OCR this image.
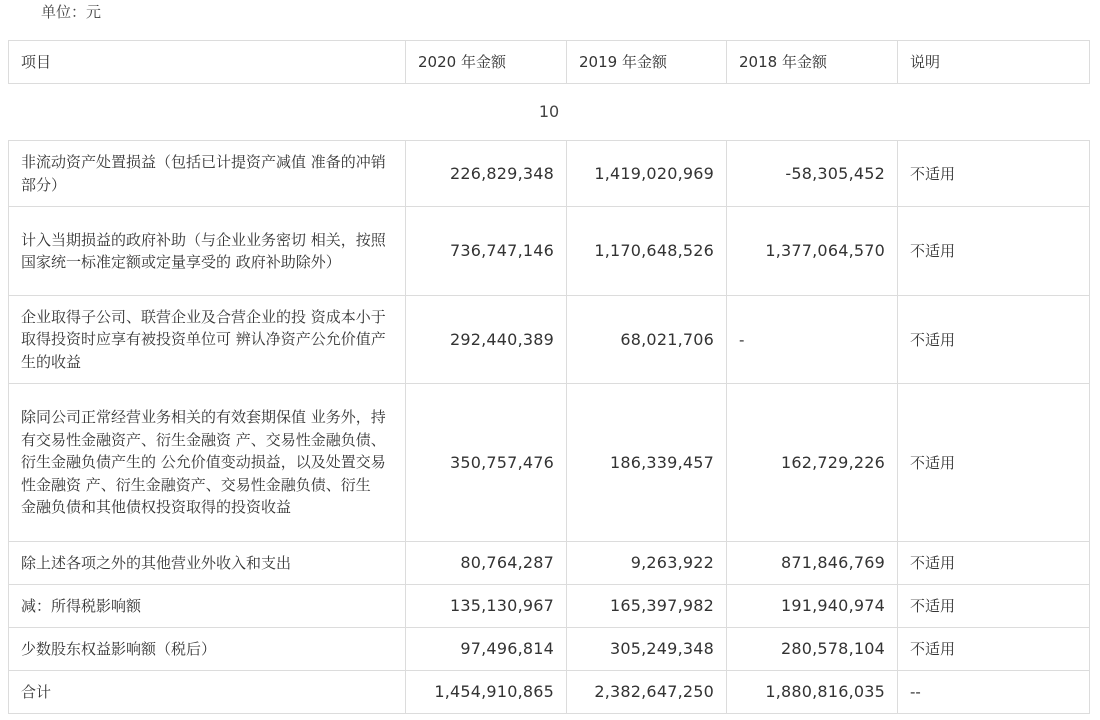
单位：元
项目	2020 年金额	2019 年金额	2018 年金额	说明
10				
非流动资产处置损益（包括已计提资产减值 准备的冲销部分）	226,829,348	1,419,020,969	-58,305,452	不适用
计入当期损益的政府补助（与企业业务密切 相关，按照国家统一标准定额或定量享受的 政府补助除外）	736,747,146	1,170,648,526	1,377,064,570	不适用
企业取得子公司、联营企业及合营企业的投 资成本小于取得投资时应享有被投资单位可 辨认净资产公允价值产生的收益	292,440,389	68,021,706	-	不适用
除同公司正常经营业务相关的有效套期保值 业务外，持有交易性金融资产、衍生金融资 产、交易性金融负债、衍生金融负债产生的 公允价值变动损益，以及处置交易性金融资 产、衍生金融资产、交易性金融负债、衍生 金融负债和其他债权投资取得的投资收益	350,757,476	186,339,457	162,729,226	不适用
除上述各项之外的其他营业外收入和支出	80,764,287	9,263,922	871,846,769	不适用
减：所得税影响额	135,130,967	165,397,982	191,940,974	不适用
少数股东权益影响额（税后）	97,496,814	305,249,348	280,578,104	不适用
合计	1,454,910,865	2,382,647,250	1,880,816,035	--
